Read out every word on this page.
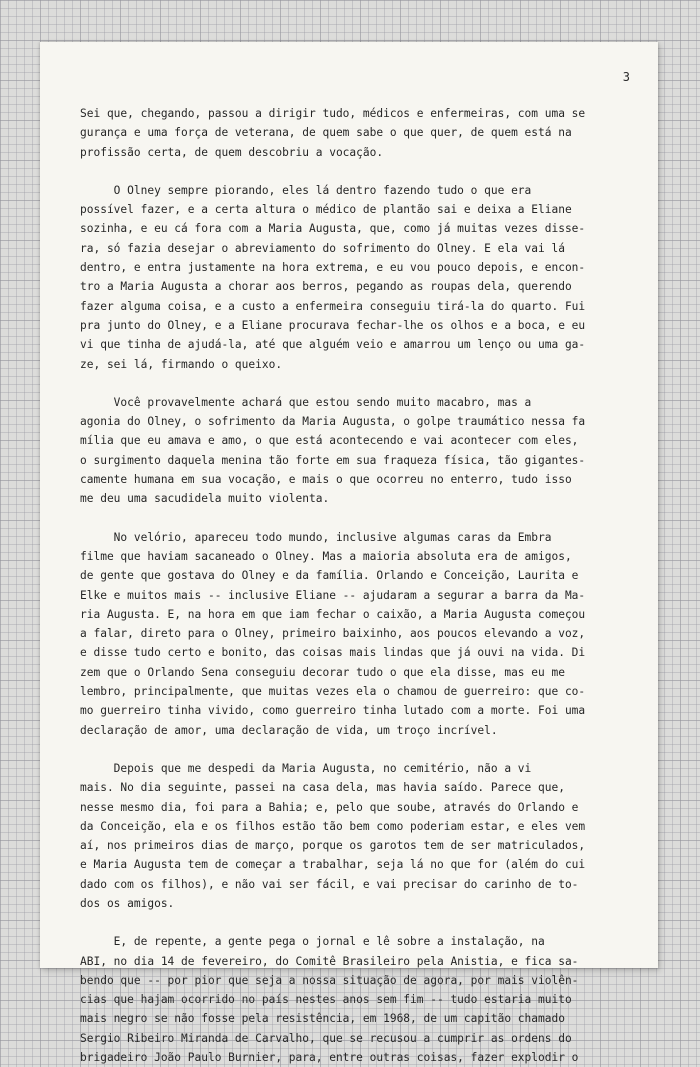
3
Sei que, chegando, passou a dirigir tudo, médicos e enfermeiras, com uma se
gurança e uma força de veterana, de quem sabe o que quer, de quem está na
profissão certa, de quem descobriu a vocação.
O Olney sempre piorando, eles lá dentro fazendo tudo o que era
possível fazer, e a certa altura o médico de plantão sai e deixa a Eliane
sozinha, e eu cá fora com a Maria Augusta, que, como já muitas vezes disse-
ra, só fazia desejar o abreviamento do sofrimento do Olney. E ela vai lá
dentro, e entra justamente na hora extrema, e eu vou pouco depois, e encon-
tro a Maria Augusta a chorar aos berros, pegando as roupas dela, querendo
fazer alguma coisa, e a custo a enfermeira conseguiu tirá-la do quarto. Fui
pra junto do Olney, e a Eliane procurava fechar-lhe os olhos e a boca, e eu
vi que tinha de ajudá-la, até que alguém veio e amarrou um lenço ou uma ga-
ze, sei lá, firmando o queixo.
Você provavelmente achará que estou sendo muito macabro, mas a
agonia do Olney, o sofrimento da Maria Augusta, o golpe traumático nessa fa
mília que eu amava e amo, o que está acontecendo e vai acontecer com eles,
o surgimento daquela menina tão forte em sua fraqueza física, tão gigantes-
camente humana em sua vocação, e mais o que ocorreu no enterro, tudo isso
me deu uma sacudidela muito violenta.
No velório, apareceu todo mundo, inclusive algumas caras da Embra
filme que haviam sacaneado o Olney. Mas a maioria absoluta era de amigos,
de gente que gostava do Olney e da família. Orlando e Conceição, Laurita e
Elke e muitos mais -- inclusive Eliane -- ajudaram a segurar a barra da Ma-
ria Augusta. E, na hora em que iam fechar o caixão, a Maria Augusta começou
a falar, direto para o Olney, primeiro baixinho, aos poucos elevando a voz,
e disse tudo certo e bonito, das coisas mais lindas que já ouvi na vida. Di
zem que o Orlando Sena conseguiu decorar tudo o que ela disse, mas eu me
lembro, principalmente, que muitas vezes ela o chamou de guerreiro: que co-
mo guerreiro tinha vivido, como guerreiro tinha lutado com a morte. Foi uma
declaração de amor, uma declaração de vida, um troço incrível.
Depois que me despedi da Maria Augusta, no cemitério, não a vi
mais. No dia seguinte, passei na casa dela, mas havia saído. Parece que,
nesse mesmo dia, foi para a Bahia; e, pelo que soube, através do Orlando e
da Conceição, ela e os filhos estão tão bem como poderiam estar, e eles vem
aí, nos primeiros dias de março, porque os garotos tem de ser matriculados,
e Maria Augusta tem de começar a trabalhar, seja lá no que for (além do cui
dado com os filhos), e não vai ser fácil, e vai precisar do carinho de to-
dos os amigos.
E, de repente, a gente pega o jornal e lê sobre a instalação, na
ABI, no dia 14 de fevereiro, do Comitê Brasileiro pela Anistia, e fica sa-
bendo que -- por pior que seja a nossa situação de agora, por mais violên-
cias que hajam ocorrido no país nestes anos sem fim -- tudo estaria muito
mais negro se não fosse pela resistência, em 1968, de um capitão chamado
Sergio Ribeiro Miranda de Carvalho, que se recusou a cumprir as ordens do
brigadeiro João Paulo Burnier, para, entre outras coisas, fazer explodir o
